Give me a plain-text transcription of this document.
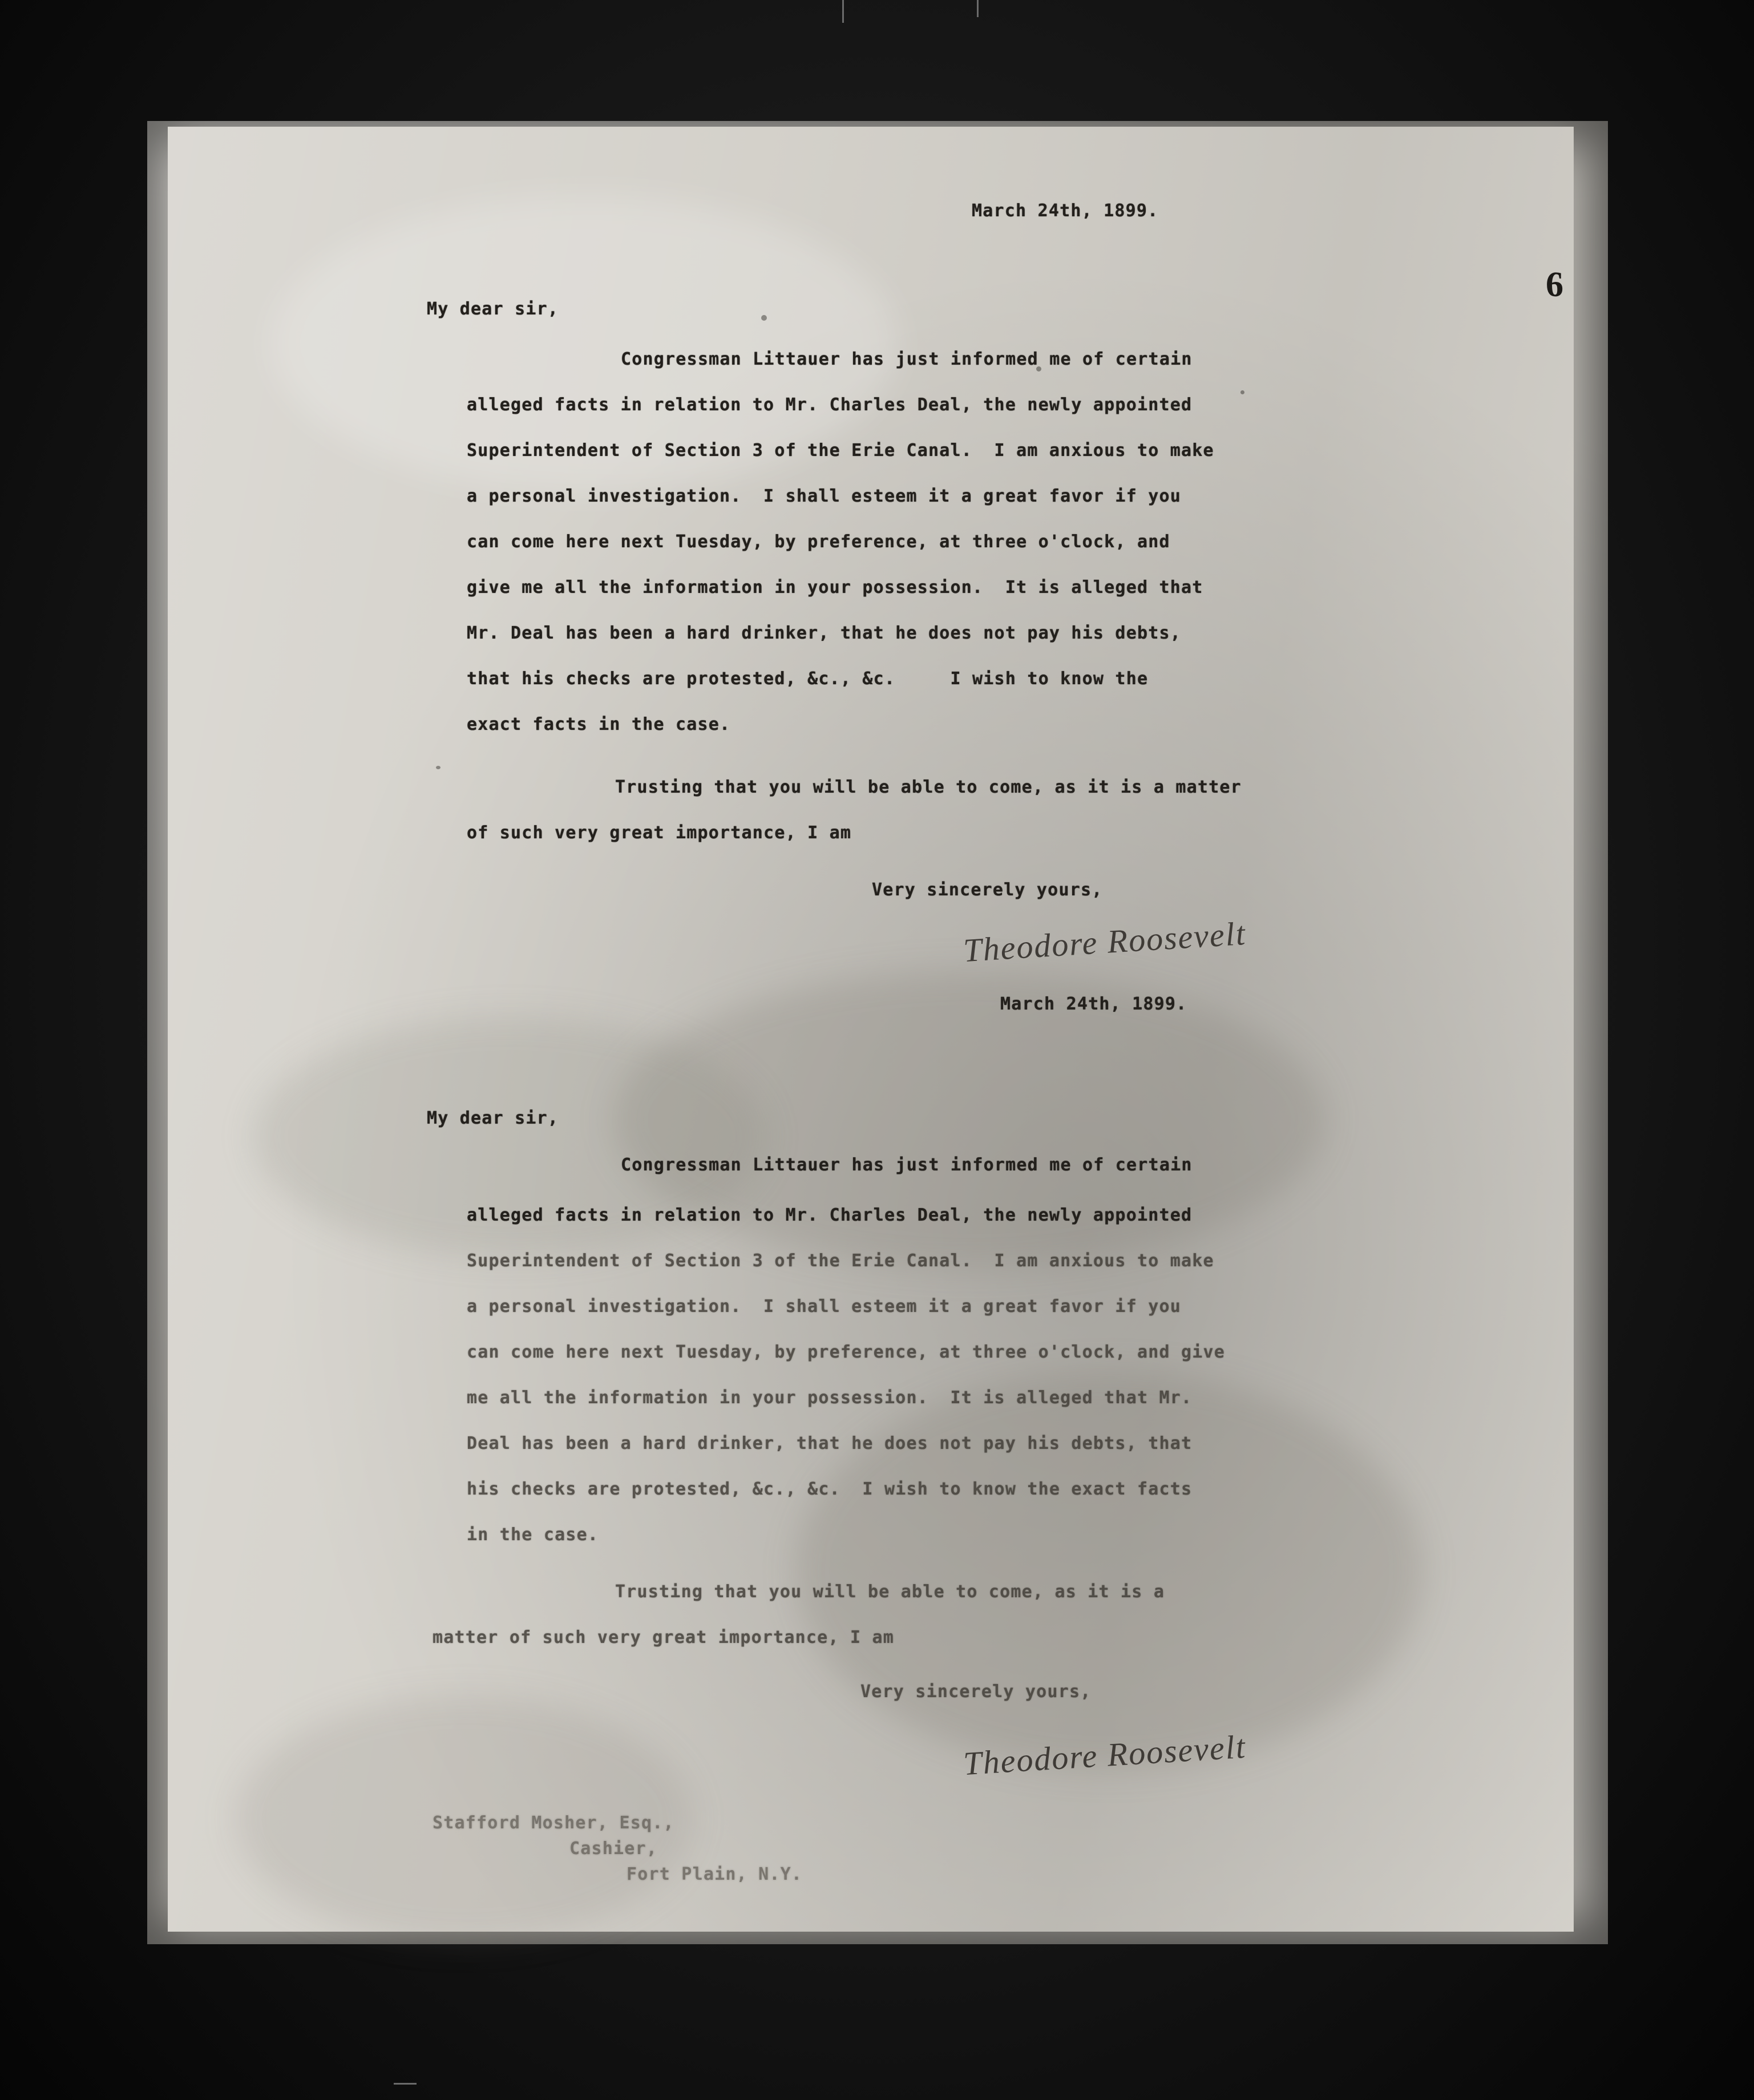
6
March 24th, 1899.
My dear sir,
Congressman Littauer has just informed me of certain
alleged facts in relation to Mr. Charles Deal, the newly appointed
Superintendent of Section 3 of the Erie Canal.  I am anxious to make
a personal investigation.  I shall esteem it a great favor if you
can come here next Tuesday, by preference, at three o'clock, and
give me all the information in your possession.  It is alleged that
Mr. Deal has been a hard drinker, that he does not pay his debts,
that his checks are protested, &c., &c.     I wish to know the
exact facts in the case.
Trusting that you will be able to come, as it is a matter
of such very great importance, I am
Very sincerely yours,
Theodore Roosevelt
March 24th, 1899.
My dear sir,
Congressman Littauer has just informed me of certain
alleged facts in relation to Mr. Charles Deal, the newly appointed
Superintendent of Section 3 of the Erie Canal.  I am anxious to make
a personal investigation.  I shall esteem it a great favor if you
can come here next Tuesday, by preference, at three o'clock, and give
me all the information in your possession.  It is alleged that Mr.
Deal has been a hard drinker, that he does not pay his debts, that
his checks are protested, &c., &c.  I wish to know the exact facts
in the case.
Trusting that you will be able to come, as it is a
matter of such very great importance, I am
Very sincerely yours,
Theodore Roosevelt
Stafford Mosher, Esq.,
Cashier,
Fort Plain, N.Y.
